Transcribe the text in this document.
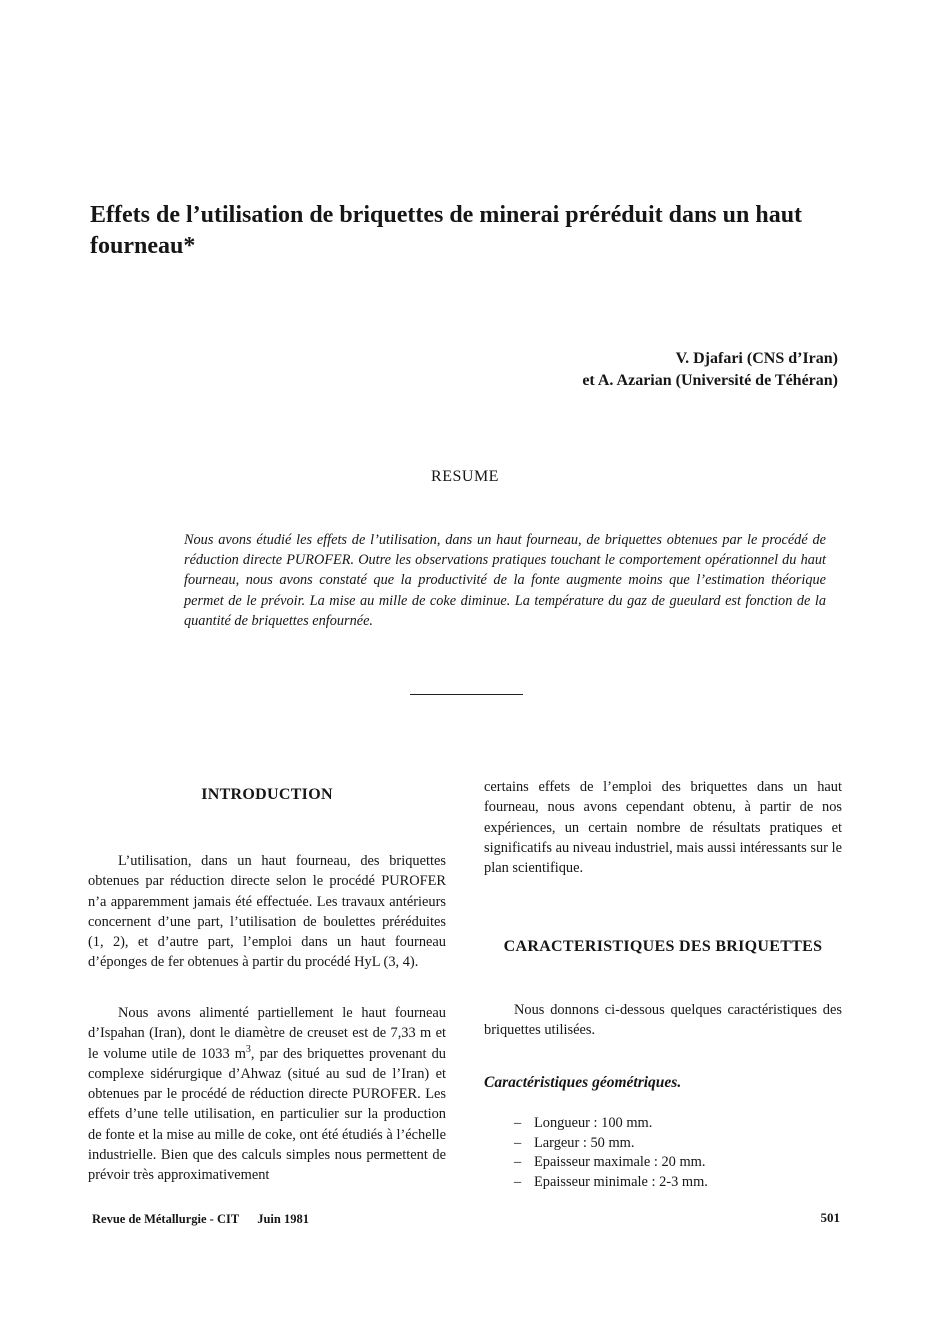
Effets de l’utilisation de briquettes de minerai préréduit dans un haut fourneau*
V. Djafari (CNS d’Iran)
et A. Azarian (Université de Téhéran)
RESUME

Nous avons étudié les effets de l’utilisation, dans un haut fourneau, de briquettes obtenues par le procédé de réduction directe PUROFER. Outre les observations pratiques touchant le comportement opérationnel du haut fourneau, nous avons constaté que la productivité de la fonte augmente moins que l’estimation théorique permet de le prévoir. La mise au mille de coke diminue. La température du gaz de gueulard est fonction de la quantité de briquettes enfournée.

INTRODUCTION

L’utilisation, dans un haut fourneau, des briquettes obtenues par réduction directe selon le procédé PUROFER n’a apparemment jamais été effectuée. Les travaux antérieurs concernent d’une part, l’utilisation de boulettes préréduites (1, 2), et d’autre part, l’emploi dans un haut fourneau d’éponges de fer obtenues à partir du procédé HyL (3, 4).

Nous avons alimenté partiellement le haut fourneau d’Ispahan (Iran), dont le diamètre de creuset est de 7,33 m et le volume utile de 1033 $m^3$, par des briquettes provenant du complexe sidérurgique d’Ahwaz (situé au sud de l’Iran) et obtenues par le procédé de réduction directe PUROFER. Les effets d’une telle utilisation, en particulier sur la production de fonte et la mise au mille de coke, ont été étudiés à l’échelle industrielle. Bien que des calculs simples nous permettent de prévoir très approximativement

certains effets de l’emploi des briquettes dans un haut fourneau, nous avons cependant obtenu, à partir de nos expériences, un certain nombre de résultats pratiques et significatifs au niveau industriel, mais aussi intéressants sur le plan scientifique.

CARACTERISTIQUES DES BRIQUETTES

Nous donnons ci-dessous quelques caractéristiques des briquettes utilisées.

Caractéristiques géométriques.
– Longueur : 100 mm.
– Largeur : 50 mm.
– Epaisseur maximale : 20 mm.
– Epaisseur minimale : 2-3 mm.
Revue de Métallurgie - CIT Juin 1981	501
